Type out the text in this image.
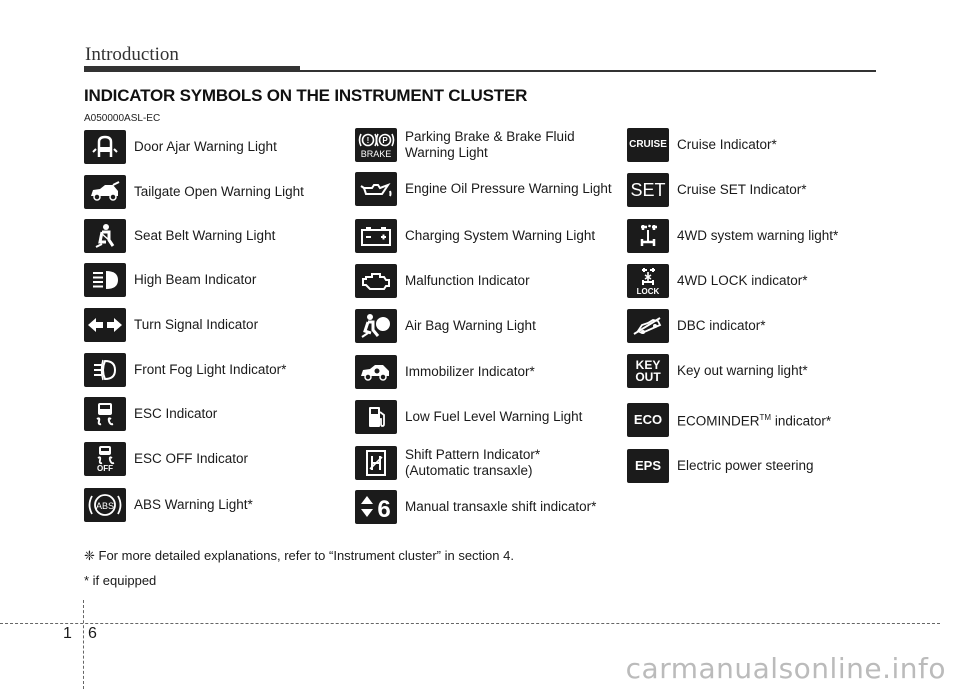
Introduction
INDICATOR SYMBOLS ON THE INSTRUMENT CLUSTER
A050000ASL-EC
Door Ajar Warning Light
Tailgate Open Warning Light
Seat Belt Warning Light
High Beam Indicator
Turn Signal Indicator
Front Fog Light Indicator*
ESC Indicator
OFF
ESC OFF Indicator
ABS ABS Warning Light*
! P
BRAKE
Parking Brake & Brake Fluid
Warning Light
Engine Oil Pressure Warning Light
Charging System Warning Light
Malfunction Indicator
Air Bag Warning Light
Immobilizer Indicator*
Low Fuel Level Warning Light
Shift Pattern Indicator*
(Automatic transaxle)
6 Manual transaxle shift indicator*
CRUISE Cruise Indicator*
SET Cruise SET Indicator*
4WD system warning light*
LOCK
4WD LOCK indicator*
DBC indicator*
KEY
OUT Key out warning light*
ECO ECOMINDER™ indicator*
EPS Electric power steering
❈ For more detailed explanations, refer to “Instrument cluster” in section 4.
* if equipped
1 6
carmanualsonline.info
